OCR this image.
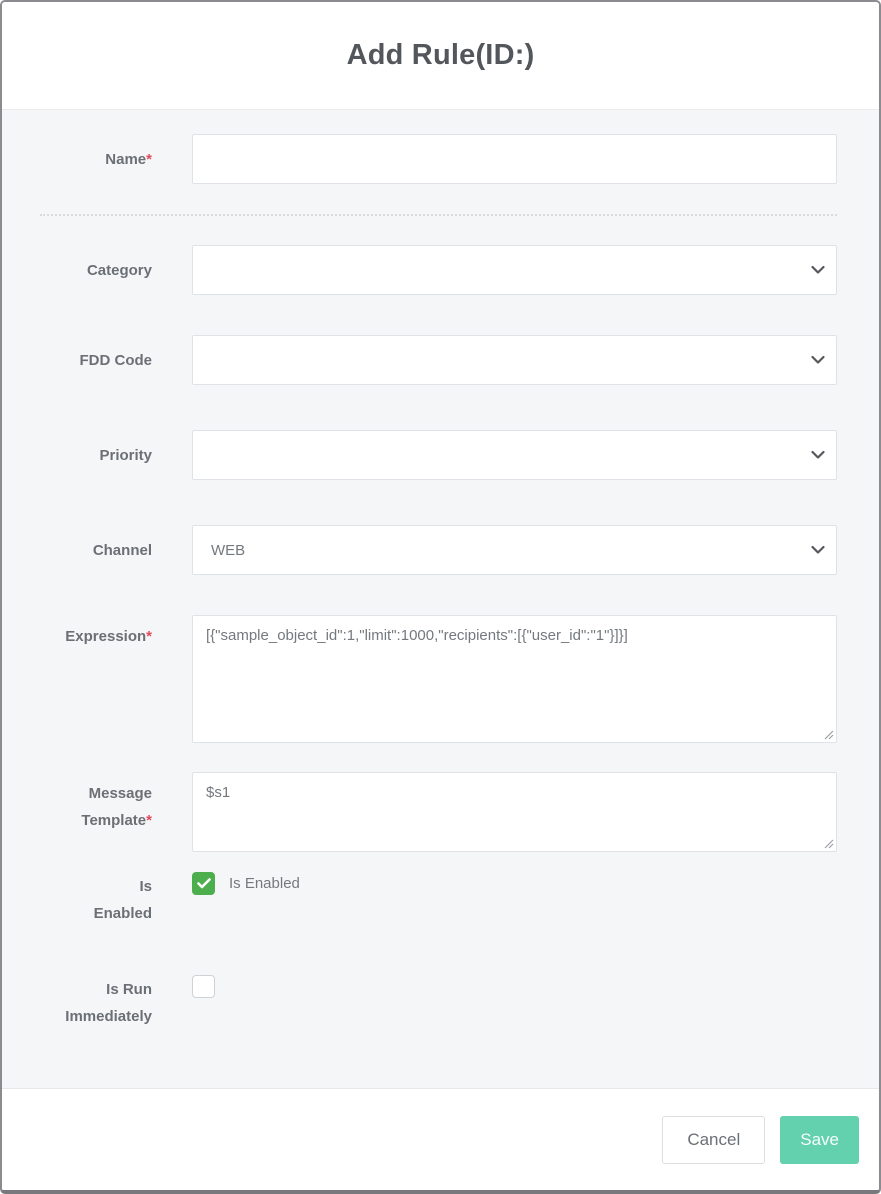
Add Rule(ID:)
Name*
Category
FDD Code
Priority
Channel
WEB
Expression*
[{"sample_object_id":1,"limit":1000,"recipients":[{"user_id":"1"}]}]
Message Template*
$s1
Is Enabled
Is Enabled
Is Run Immediately
Cancel	Save
